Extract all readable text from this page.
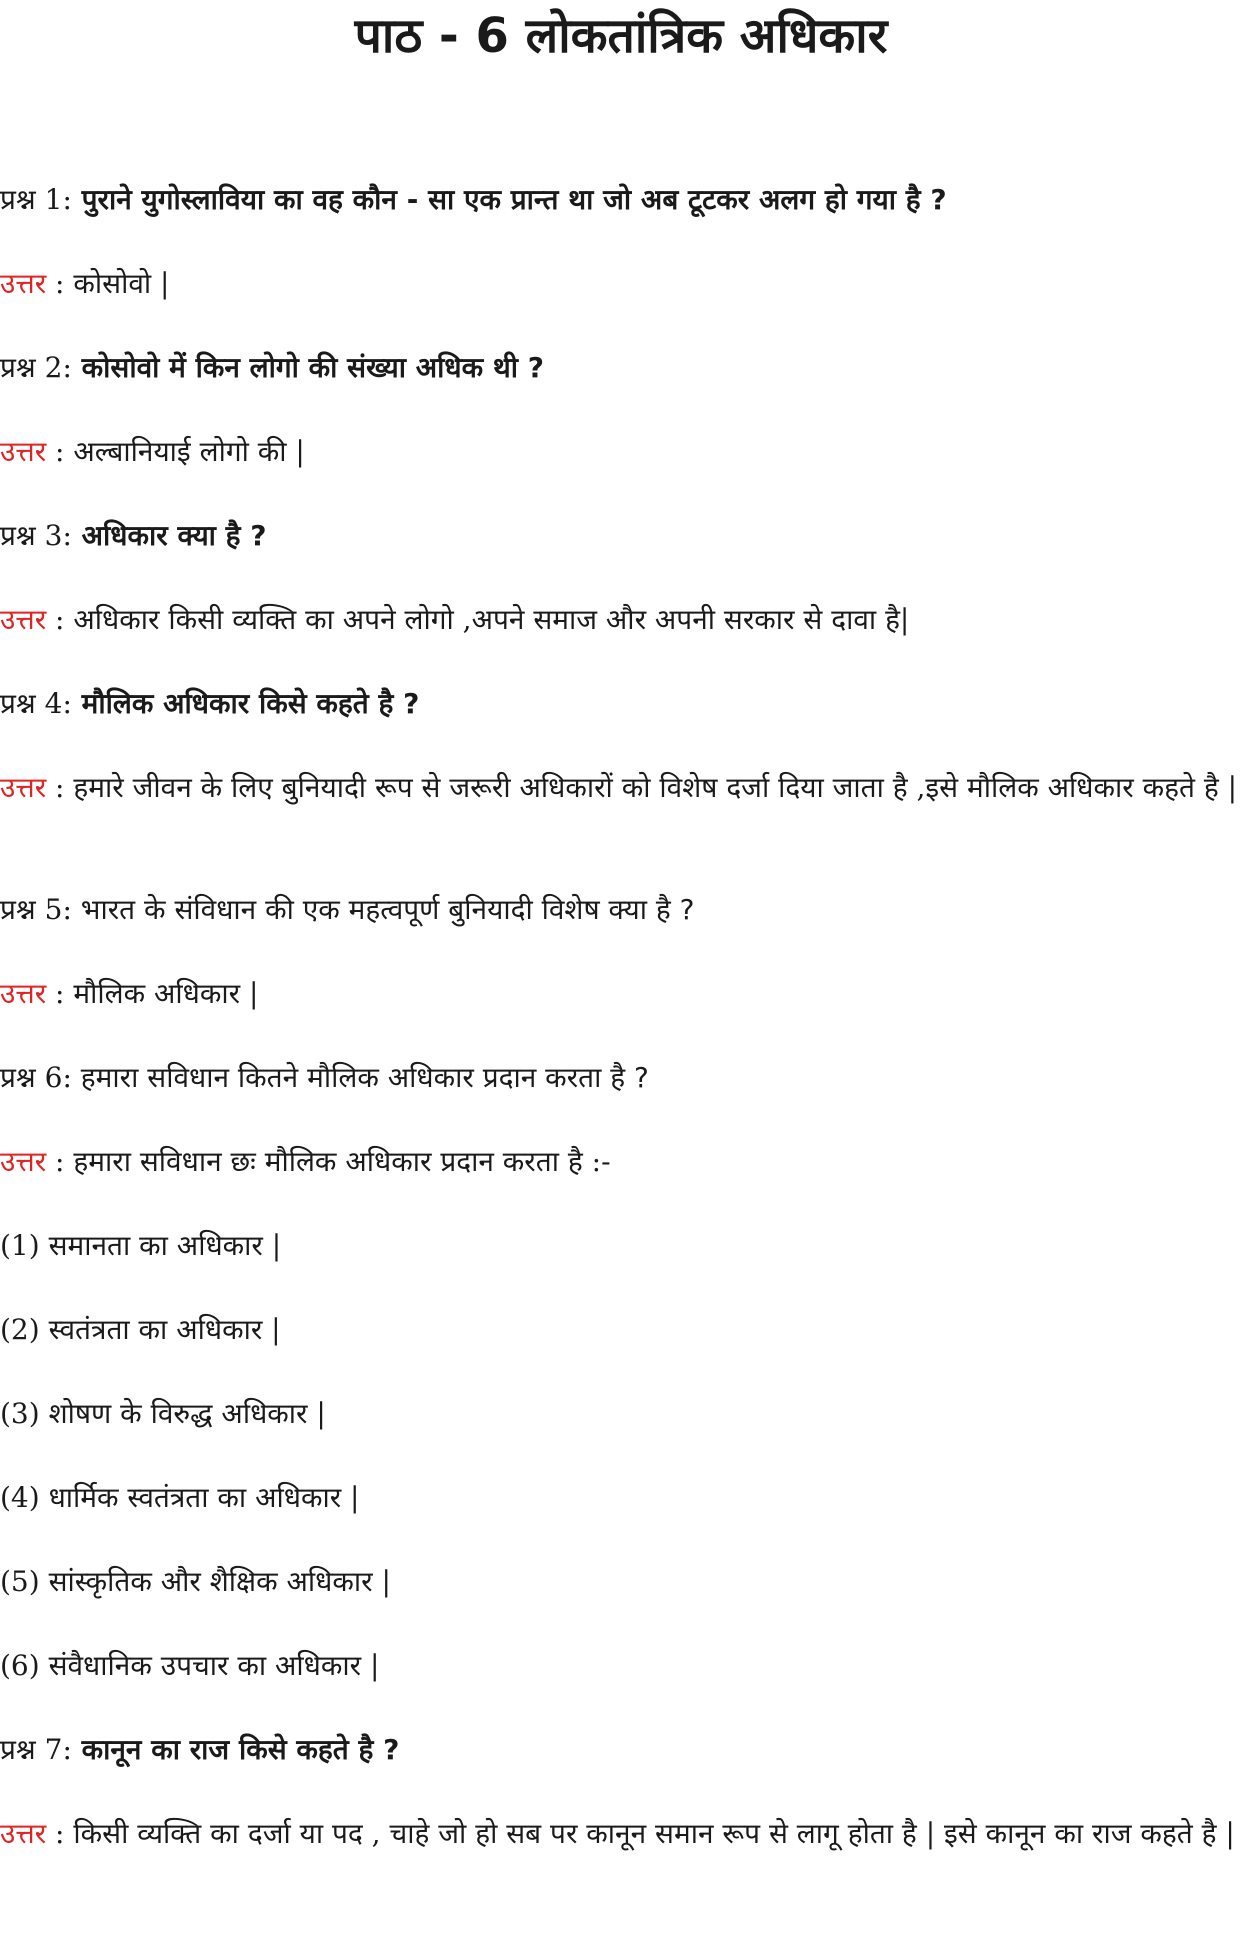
पाठ - 6 लोकतांत्रिक अधिकार
प्रश्न 1: पुराने युगोस्लाविया का वह कौन - सा एक प्रान्त था जो अब टूटकर अलग हो गया है ?
उत्तर : कोसोवो |
प्रश्न 2: कोसोवो में किन लोगो की संख्या अधिक थी ?
उत्तर : अल्बानियाई लोगो की |
प्रश्न 3: अधिकार क्या है ?
उत्तर : अधिकार किसी व्यक्ति का अपने लोगो ,अपने समाज और अपनी सरकार से दावा है|
प्रश्न 4: मौलिक अधिकार किसे कहते है ?
उत्तर : हमारे जीवन के लिए बुनियादी रूप से जरूरी अधिकारों को विशेष दर्जा दिया जाता है ,इसे मौलिक अधिकार कहते है |
प्रश्न 5: भारत के संविधान की एक महत्वपूर्ण बुनियादी विशेष क्या है ?
उत्तर : मौलिक अधिकार |
प्रश्न 6: हमारा सविधान कितने मौलिक अधिकार प्रदान करता है ?
उत्तर : हमारा सविधान छः मौलिक अधिकार प्रदान करता है :-
(1) समानता का अधिकार |
(2) स्वतंत्रता का अधिकार |
(3) शोषण के विरुद्ध अधिकार |
(4) धार्मिक स्वतंत्रता का अधिकार |
(5) सांस्कृतिक और शैक्षिक अधिकार |
(6) संवैधानिक उपचार का अधिकार |
प्रश्न 7: कानून का राज किसे कहते है ?
उत्तर : किसी व्यक्ति का दर्जा या पद , चाहे जो हो सब पर कानून समान रूप से लागू होता है | इसे कानून का राज कहते है |
